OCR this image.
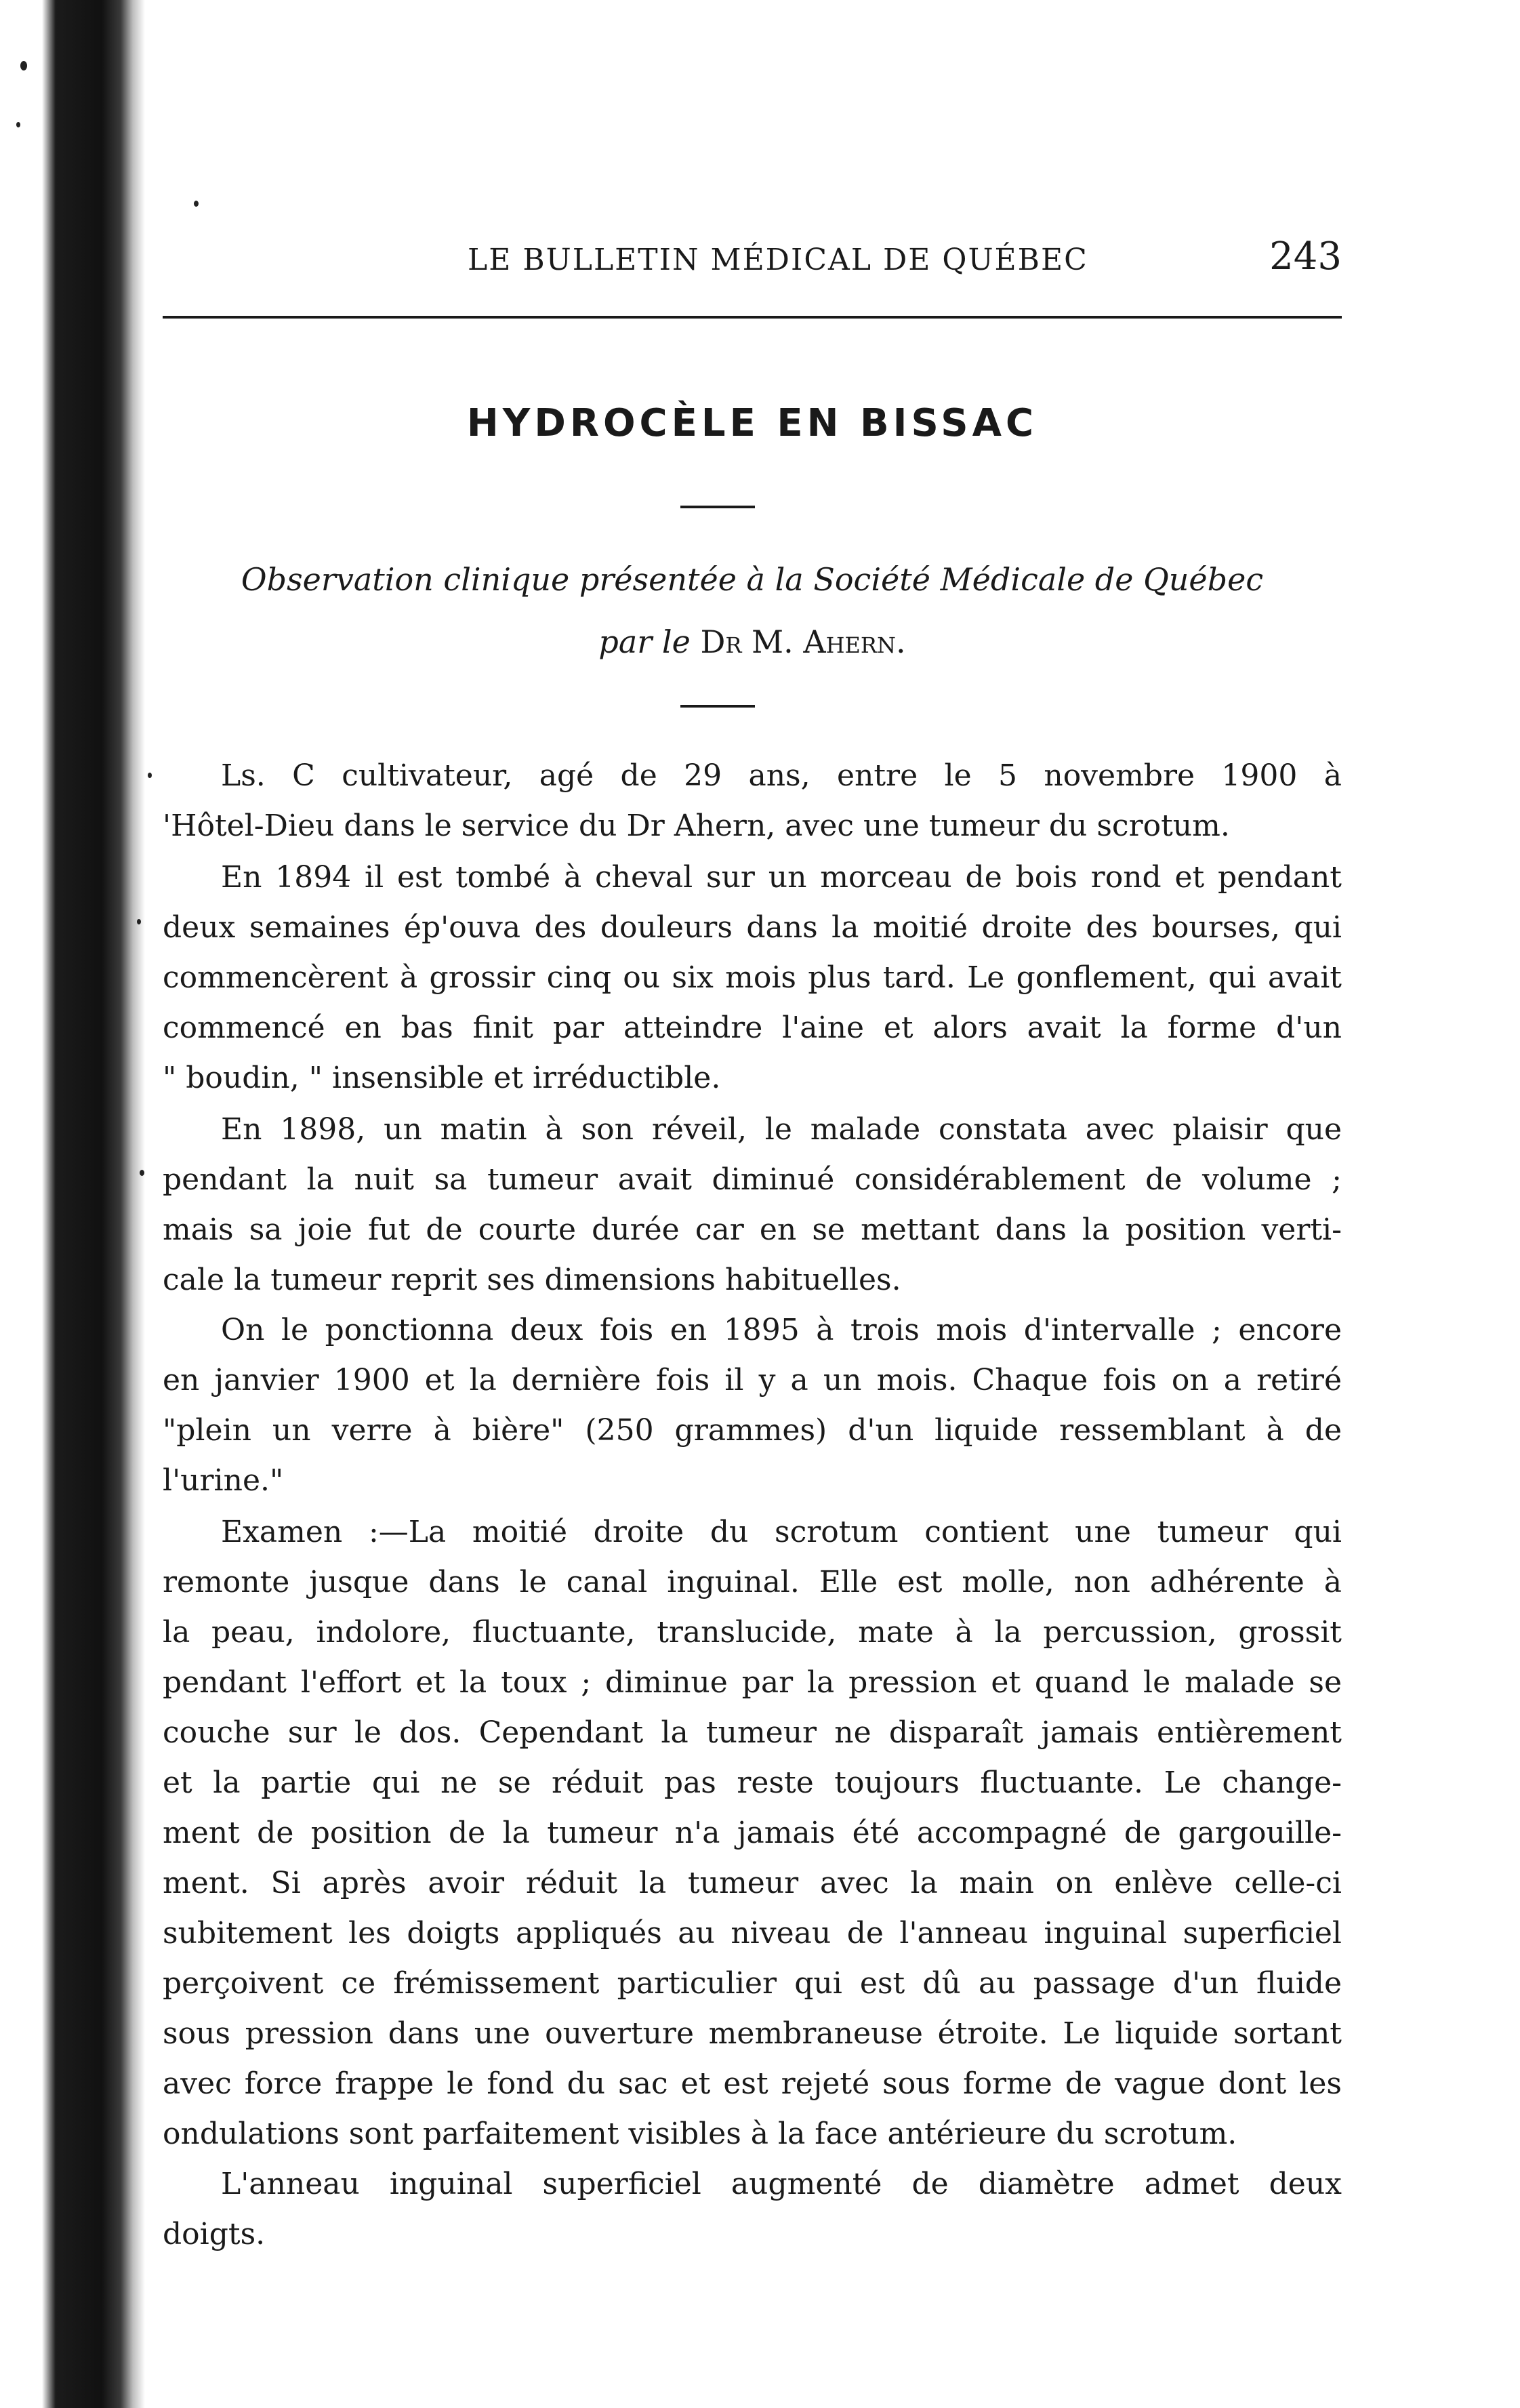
LE BULLETIN MÉDICAL DE QUÉBEC	243
HYDROCÈLE EN BISSAC
Observation clinique présentée à la Société Médicale de Québec
par le Dr M. Ahern.
Ls. C cultivateur, agé de 29 ans, entre le 5 novembre 1900 à
'Hôtel-Dieu dans le service du Dr Ahern, avec une tumeur du scrotum.
En 1894 il est tombé à cheval sur un morceau de bois rond et pendant
deux semaines ép'ouva des douleurs dans la moitié droite des bourses, qui
commencèrent à grossir cinq ou six mois plus tard. Le gonflement, qui avait
commencé en bas finit par atteindre l'aine et alors avait la forme d'un
" boudin, " insensible et irréductible.
En 1898, un matin à son réveil, le malade constata avec plaisir que
pendant la nuit sa tumeur avait diminué considérablement de volume ;
mais sa joie fut de courte durée car en se mettant dans la position verti-
cale la tumeur reprit ses dimensions habituelles.
On le ponctionna deux fois en 1895 à trois mois d'intervalle ; encore
en janvier 1900 et la dernière fois il y a un mois. Chaque fois on a retiré
"plein un verre à bière" (250 grammes) d'un liquide ressemblant à de
l'urine."
Examen :—La moitié droite du scrotum contient une tumeur qui
remonte jusque dans le canal inguinal. Elle est molle, non adhérente à
la peau, indolore, fluctuante, translucide, mate à la percussion, grossit
pendant l'effort et la toux ; diminue par la pression et quand le malade se
couche sur le dos. Cependant la tumeur ne disparaît jamais entièrement
et la partie qui ne se réduit pas reste toujours fluctuante. Le change-
ment de position de la tumeur n'a jamais été accompagné de gargouille-
ment. Si après avoir réduit la tumeur avec la main on enlève celle-ci
subitement les doigts appliqués au niveau de l'anneau inguinal superficiel
perçoivent ce frémissement particulier qui est dû au passage d'un fluide
sous pression dans une ouverture membraneuse étroite. Le liquide sortant
avec force frappe le fond du sac et est rejeté sous forme de vague dont les
ondulations sont parfaitement visibles à la face antérieure du scrotum.
L'anneau inguinal superficiel augmenté de diamètre admet deux
doigts.
